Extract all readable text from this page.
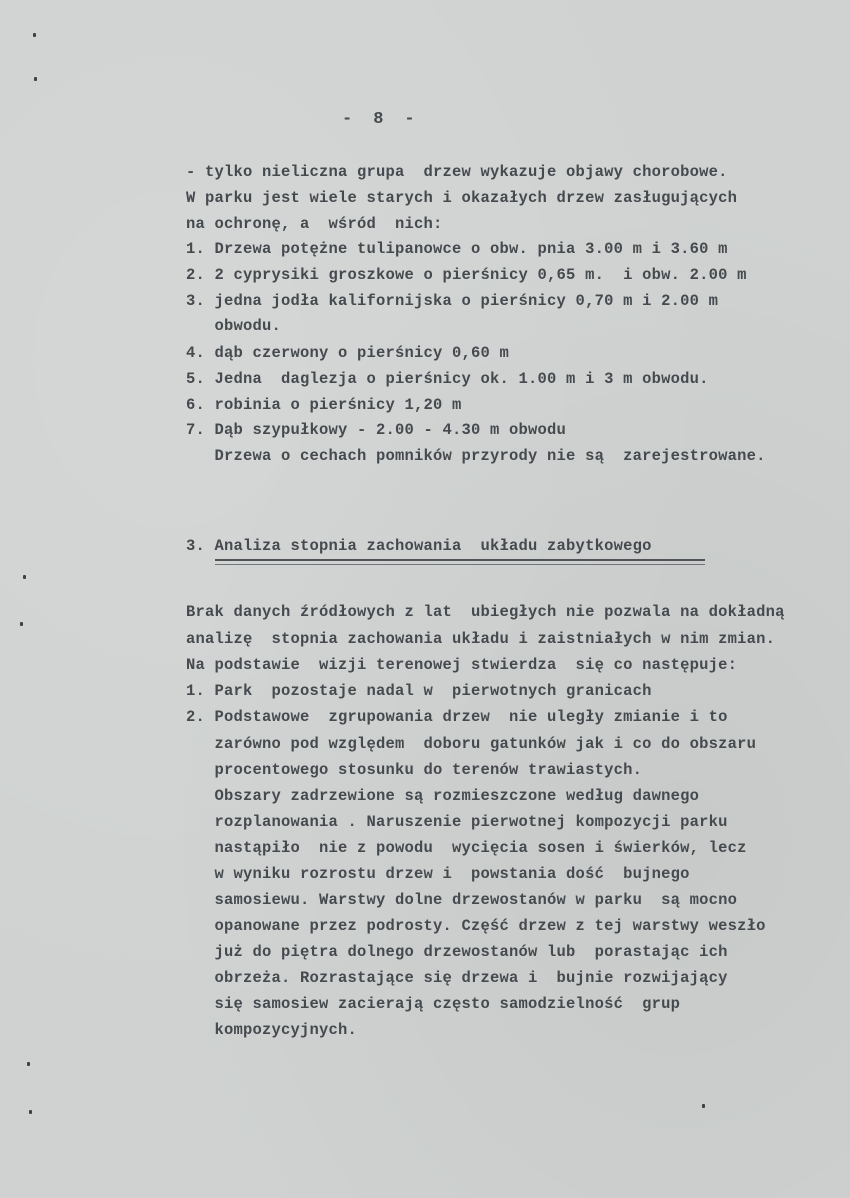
-  8  -
- tylko nieliczna grupa  drzew wykazuje objawy chorobowe.
W parku jest wiele starych i okazałych drzew zasługujących
na ochronę, a  wśród  nich:
1. Drzewa potężne tulipanowce o obw. pnia 3.00 m i 3.60 m
2. 2 cyprysiki groszkowe o pierśnicy 0,65 m.  i obw. 2.00 m
3. jedna jodła kalifornijska o pierśnicy 0,70 m i 2.00 m
obwodu.
4. dąb czerwony o pierśnicy 0,60 m
5. Jedna  daglezja o pierśnicy ok. 1.00 m i 3 m obwodu.
6. robinia o pierśnicy 1,20 m
7. Dąb szypułkowy - 2.00 - 4.30 m obwodu
Drzewa o cechach pomników przyrody nie są  zarejestrowane.
3. Analiza stopnia zachowania  układu zabytkowego
Brak danych źródłowych z lat  ubiegłych nie pozwala na dokładną
analizę  stopnia zachowania układu i zaistniałych w nim zmian.
Na podstawie  wizji terenowej stwierdza  się co następuje:
1. Park  pozostaje nadal w  pierwotnych granicach
2. Podstawowe  zgrupowania drzew  nie uległy zmianie i to
zarówno pod względem  doboru gatunków jak i co do obszaru
procentowego stosunku do terenów trawiastych.
Obszary zadrzewione są rozmieszczone według dawnego
rozplanowania . Naruszenie pierwotnej kompozycji parku
nastąpiło  nie z powodu  wycięcia sosen i świerków, lecz
w wyniku rozrostu drzew i  powstania dość  bujnego
samosiewu. Warstwy dolne drzewostanów w parku  są mocno
opanowane przez podrosty. Część drzew z tej warstwy weszło
już do piętra dolnego drzewostanów lub  porastając ich
obrzeża. Rozrastające się drzewa i  bujnie rozwijający
się samosiew zacierają często samodzielność  grup
kompozycyjnych.
